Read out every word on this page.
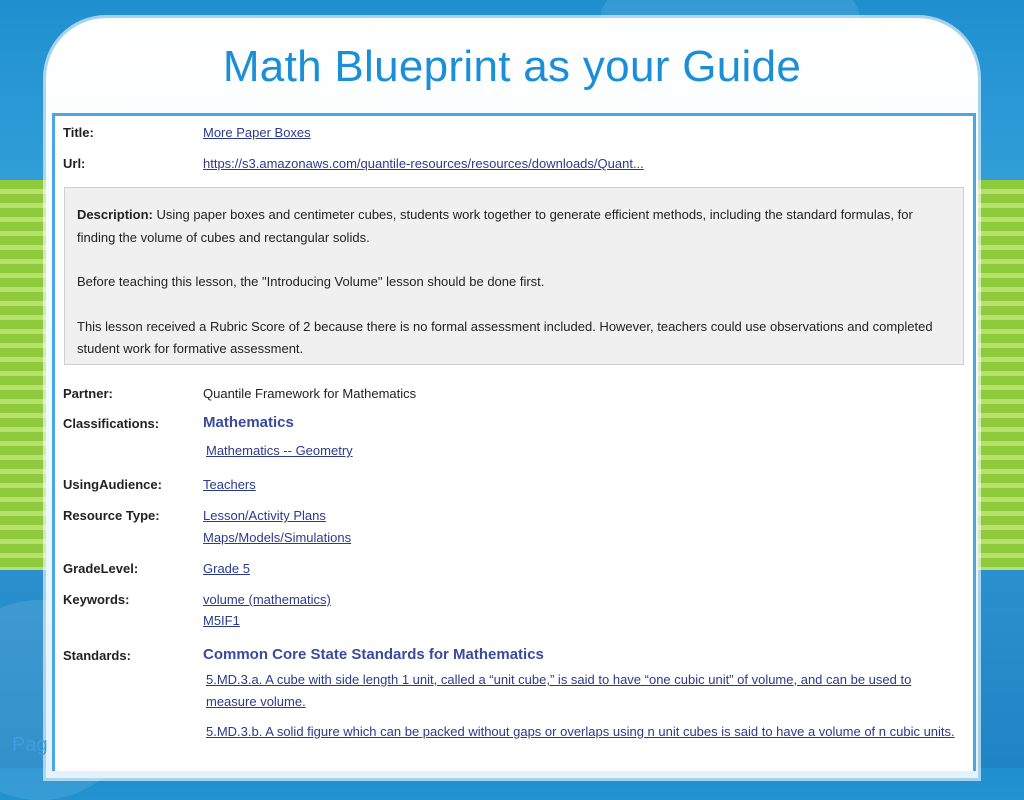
Math Blueprint as your Guide
Pag
Title:	More Paper Boxes
Url:	https://s3.amazonaws.com/quantile-resources/resources/downloads/Quant...

Description: Using paper boxes and centimeter cubes, students work together to generate efficient methods, including the standard formulas, for finding the volume of cubes and rectangular solids.

Before teaching this lesson, the "Introducing Volume" lesson should be done first.

This lesson received a Rubric Score of 2 because there is no formal assessment included. However, teachers could use observations and completed student work for formative assessment.

Partner:	Quantile Framework for Mathematics
Classifications:	Mathematics
Mathematics -- Geometry
UsingAudience:	Teachers
Resource Type:	Lesson/Activity Plans
Maps/Models/Simulations
GradeLevel:	Grade 5
Keywords:	volume (mathematics)
M5IF1
Standards:	Common Core State Standards for Mathematics
5.MD.3.a. A cube with side length 1 unit, called a “unit cube,” is said to have “one cubic unit” of volume, and can be used to measure volume.
5.MD.3.b. A solid figure which can be packed without gaps or overlaps using n unit cubes is said to have a volume of n cubic units.
